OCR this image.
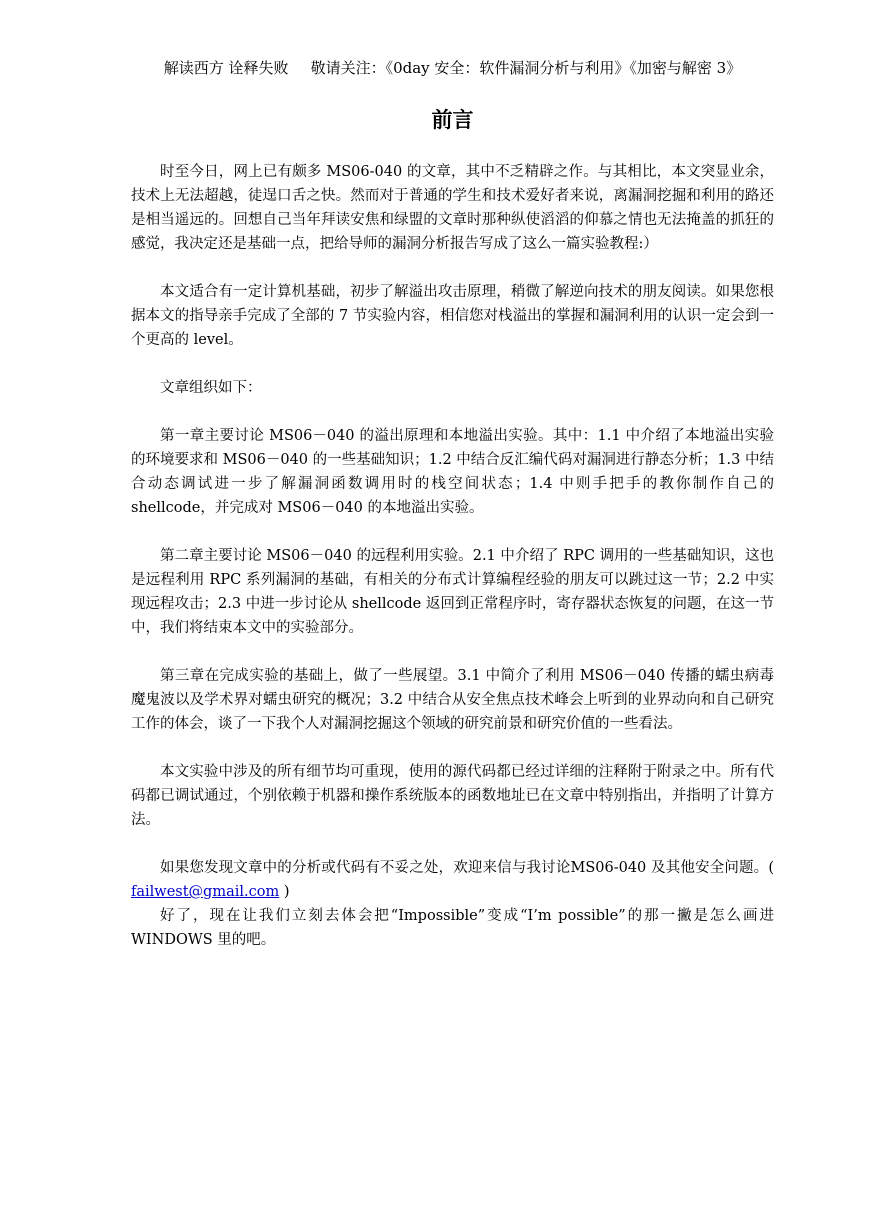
解读西方 诠释失败 敬请关注：《0day 安全：软件漏洞分析与利用》《加密与解密 3》

前言

时至今日，网上已有颇多 MS06-040 的文章，其中不乏精辟之作。与其相比，本文突显业余，技术上无法超越，徒逞口舌之快。然而对于普通的学生和技术爱好者来说，离漏洞挖掘和利用的路还是相当遥远的。回想自己当年拜读安焦和绿盟的文章时那种纵使滔滔的仰慕之情也无法掩盖的抓狂的感觉，我决定还是基础一点，把给导师的漏洞分析报告写成了这么一篇实验教程:）

本文适合有一定计算机基础，初步了解溢出攻击原理，稍微了解逆向技术的朋友阅读。如果您根据本文的指导亲手完成了全部的 7 节实验内容，相信您对栈溢出的掌握和漏洞利用的认识一定会到一个更高的 level。

文章组织如下：

第一章主要讨论 MS06－040 的溢出原理和本地溢出实验。其中：1.1 中介绍了本地溢出实验的环境要求和 MS06－040 的一些基础知识；1.2 中结合反汇编代码对漏洞进行静态分析；1.3 中结合动态调试进一步了解漏洞函数调用时的栈空间状态；1.4 中则手把手的教你制作自己的 shellcode，并完成对 MS06－040 的本地溢出实验。

第二章主要讨论 MS06－040 的远程利用实验。2.1 中介绍了 RPC 调用的一些基础知识，这也是远程利用 RPC 系列漏洞的基础，有相关的分布式计算编程经验的朋友可以跳过这一节；2.2 中实现远程攻击；2.3 中进一步讨论从 shellcode 返回到正常程序时，寄存器状态恢复的问题，在这一节中，我们将结束本文中的实验部分。

第三章在完成实验的基础上，做了一些展望。3.1 中简介了利用 MS06－040 传播的蠕虫病毒魔鬼波以及学术界对蠕虫研究的概况；3.2 中结合从安全焦点技术峰会上听到的业界动向和自己研究工作的体会，谈了一下我个人对漏洞挖掘这个领域的研究前景和研究价值的一些看法。

本文实验中涉及的所有细节均可重现，使用的源代码都已经过详细的注释附于附录之中。所有代码都已调试通过，个别依赖于机器和操作系统版本的函数地址已在文章中特别指出，并指明了计算方法。

如果您发现文章中的分析或代码有不妥之处，欢迎来信与我讨论MS06-040 及其他安全问题。( failwest@gmail.com )

好了，现在让我们立刻去体会把“Impossible”变成“I’m possible”的那一撇是怎么画进 WINDOWS 里的吧。
